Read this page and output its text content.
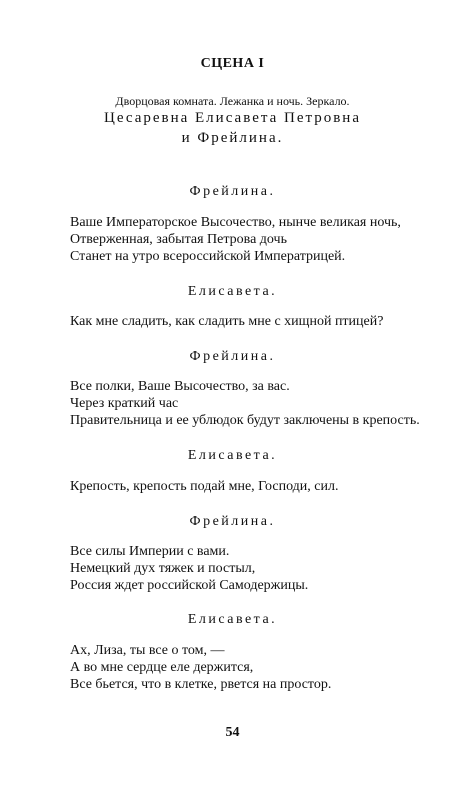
СЦЕНА I
Дворцовая комната. Лежанка и ночь. Зеркало.
Цесаревна Елисавета Петровна
и Фрейлина.
Фрейлина.
Ваше Императорское Высочество, нынче великая ночь,
Отверженная, забытая Петрова дочь
Станет на утро всероссийской Императрицей.
Елисавета.
Как мне сладить, как сладить мне с хищной птицей?
Фрейлина.
Все полки, Ваше Высочество, за вас.
Через краткий час
Правительница и ее ублюдок будут заключены в крепость.
Елисавета.
Крепость, крепость подай мне, Господи, сил.
Фрейлина.
Все силы Империи с вами.
Немецкий дух тяжек и постыл,
Россия ждет российской Самодержицы.
Елисавета.
Ах, Лиза, ты все о том, —
А во мне сердце еле держится,
Все бьется, что в клетке, рвется на простор.
54
